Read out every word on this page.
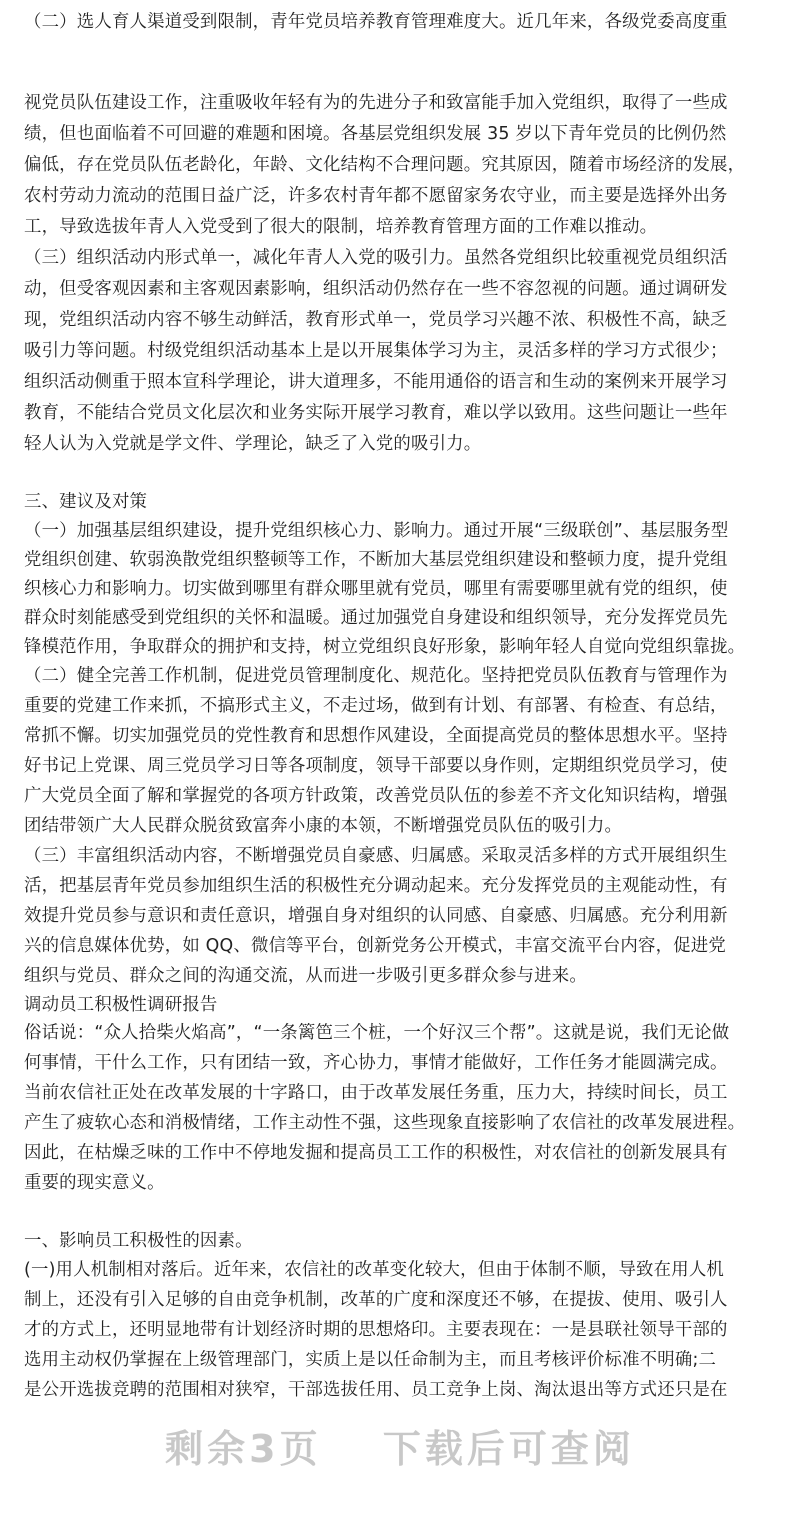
（二）选人育人渠道受到限制，青年党员培养教育管理难度大。近几年来，各级党委高度重
视党员队伍建设工作，注重吸收年轻有为的先进分子和致富能手加入党组织，取得了一些成
绩，但也面临着不可回避的难题和困境。各基层党组织发展 35 岁以下青年党员的比例仍然
偏低，存在党员队伍老龄化，年龄、文化结构不合理问题。究其原因，随着市场经济的发展，
农村劳动力流动的范围日益广泛，许多农村青年都不愿留家务农守业，而主要是选择外出务
工，导致选拔年青人入党受到了很大的限制，培养教育管理方面的工作难以推动。
（三）组织活动内形式单一，减化年青人入党的吸引力。虽然各党组织比较重视党员组织活
动，但受客观因素和主客观因素影响，组织活动仍然存在一些不容忽视的问题。通过调研发
现，党组织活动内容不够生动鲜活，教育形式单一，党员学习兴趣不浓、积极性不高，缺乏
吸引力等问题。村级党组织活动基本上是以开展集体学习为主，灵活多样的学习方式很少；
组织活动侧重于照本宣科学理论，讲大道理多，不能用通俗的语言和生动的案例来开展学习
教育，不能结合党员文化层次和业务实际开展学习教育，难以学以致用。这些问题让一些年
轻人认为入党就是学文件、学理论，缺乏了入党的吸引力。
三、建议及对策
（一）加强基层组织建设，提升党组织核心力、影响力。通过开展“三级联创”、基层服务型
党组织创建、软弱涣散党组织整顿等工作，不断加大基层党组织建设和整顿力度，提升党组
织核心力和影响力。切实做到哪里有群众哪里就有党员，哪里有需要哪里就有党的组织，使
群众时刻能感受到党组织的关怀和温暖。通过加强党自身建设和组织领导，充分发挥党员先
锋模范作用，争取群众的拥护和支持，树立党组织良好形象，影响年轻人自觉向党组织靠拢。
（二）健全完善工作机制，促进党员管理制度化、规范化。坚持把党员队伍教育与管理作为
重要的党建工作来抓，不搞形式主义，不走过场，做到有计划、有部署、有检查、有总结，
常抓不懈。切实加强党员的党性教育和思想作风建设，全面提高党员的整体思想水平。坚持
好书记上党课、周三党员学习日等各项制度，领导干部要以身作则，定期组织党员学习，使
广大党员全面了解和掌握党的各项方针政策，改善党员队伍的参差不齐文化知识结构，增强
团结带领广大人民群众脱贫致富奔小康的本领，不断增强党员队伍的吸引力。
（三）丰富组织活动内容，不断增强党员自豪感、归属感。采取灵活多样的方式开展组织生
活，把基层青年党员参加组织生活的积极性充分调动起来。充分发挥党员的主观能动性，有
效提升党员参与意识和责任意识，增强自身对组织的认同感、自豪感、归属感。充分利用新
兴的信息媒体优势，如 QQ、微信等平台，创新党务公开模式，丰富交流平台内容，促进党
组织与党员、群众之间的沟通交流，从而进一步吸引更多群众参与进来。
调动员工积极性调研报告
俗话说：“众人拾柴火焰高”，“一条篱笆三个桩，一个好汉三个帮”。这就是说，我们无论做
何事情，干什么工作，只有团结一致，齐心协力，事情才能做好，工作任务才能圆满完成。
当前农信社正处在改革发展的十字路口，由于改革发展任务重，压力大，持续时间长，员工
产生了疲软心态和消极情绪，工作主动性不强，这些现象直接影响了农信社的改革发展进程。
因此，在枯燥乏味的工作中不停地发掘和提高员工工作的积极性，对农信社的创新发展具有
重要的现实意义。
一、影响员工积极性的因素。
(一)用人机制相对落后。近年来，农信社的改革变化较大，但由于体制不顺，导致在用人机
制上，还没有引入足够的自由竞争机制，改革的广度和深度还不够，在提拔、使用、吸引人
才的方式上，还明显地带有计划经济时期的思想烙印。主要表现在：一是县联社领导干部的
选用主动权仍掌握在上级管理部门，实质上是以任命制为主，而且考核评价标准不明确;二
是公开选拔竞聘的范围相对狭窄，干部选拔任用、员工竞争上岗、淘汰退出等方式还只是在
剩余3页 下载后可查阅
